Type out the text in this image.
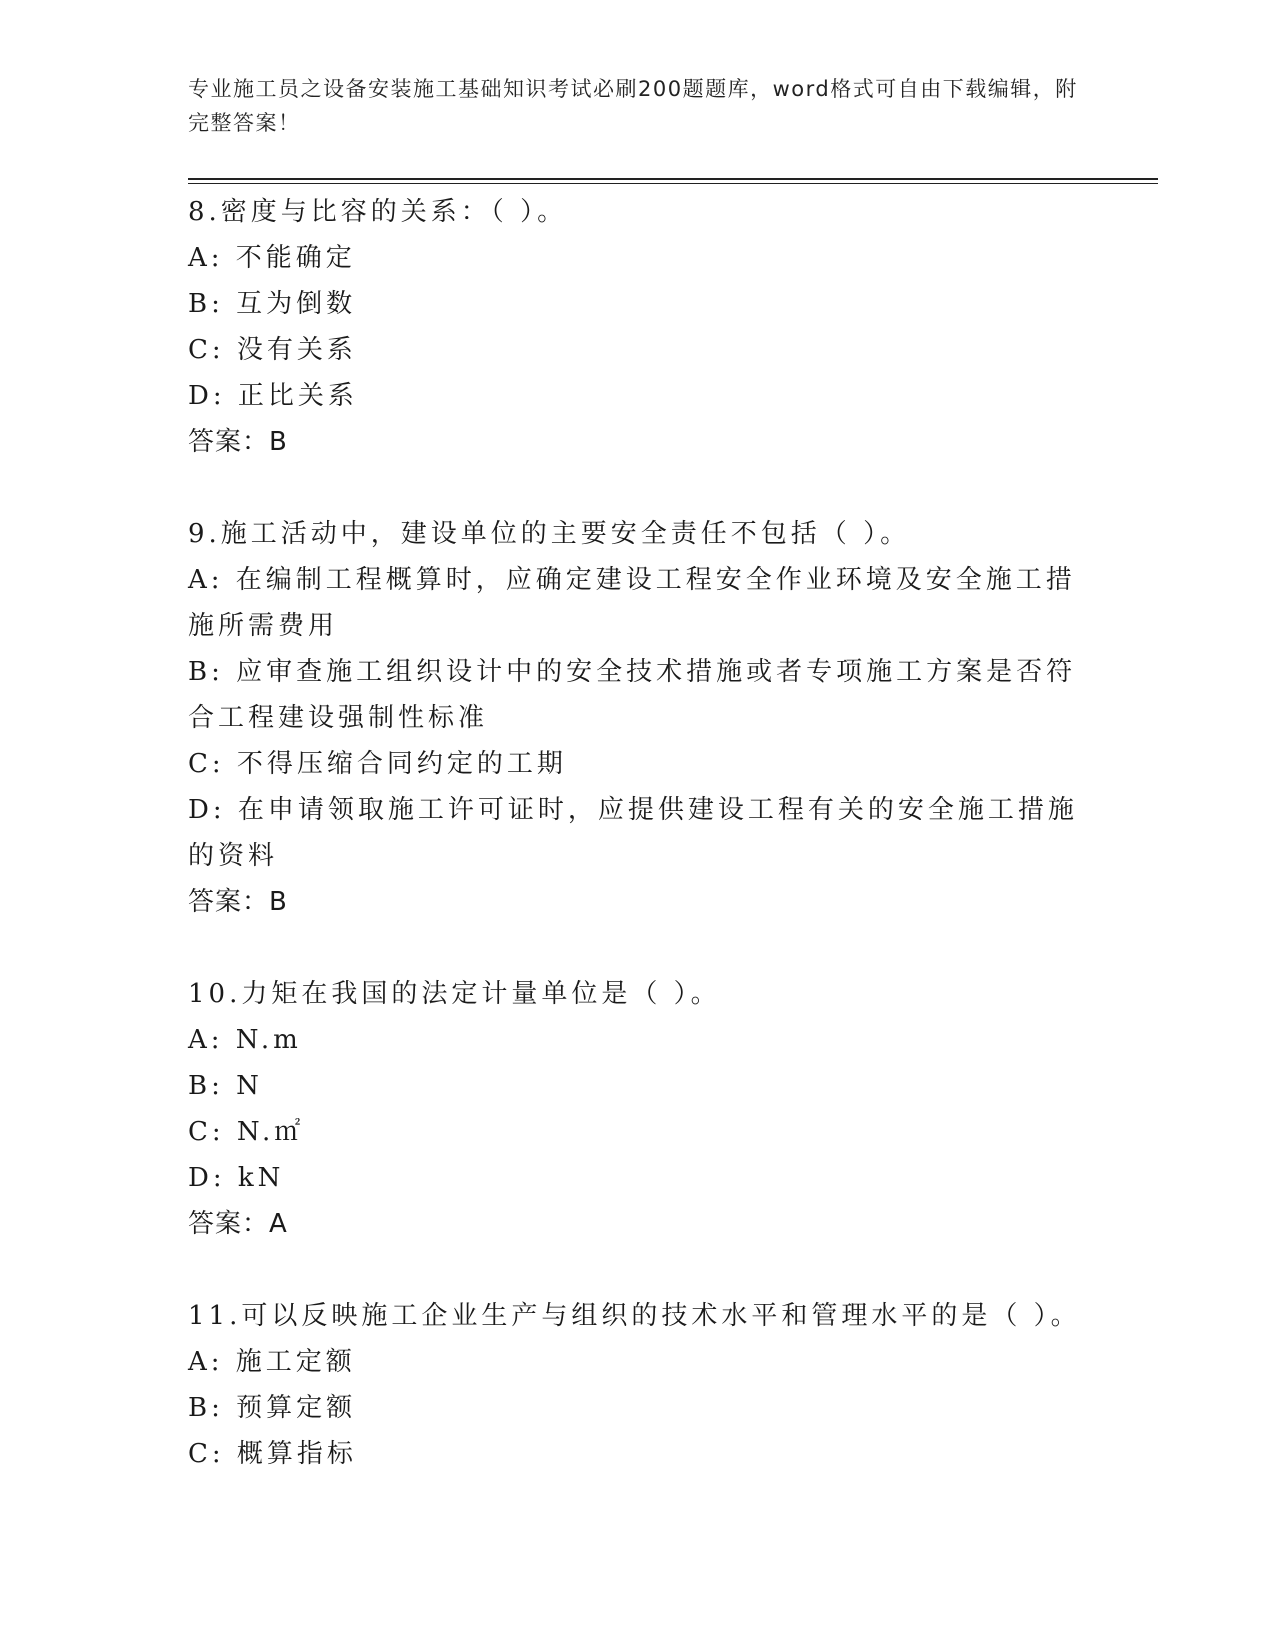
专业施工员之设备安装施工基础知识考试必刷200题题库，word格式可自由下载编辑，附完整答案！
8.密度与比容的关系：（ ）。
A: 不能确定
B: 互为倒数
C: 没有关系
D: 正比关系
答案：B
9.施工活动中，建设单位的主要安全责任不包括（ ）。
A: 在编制工程概算时，应确定建设工程安全作业环境及安全施工措施所需费用
B: 应审查施工组织设计中的安全技术措施或者专项施工方案是否符合工程建设强制性标准
C: 不得压缩合同约定的工期
D: 在申请领取施工许可证时，应提供建设工程有关的安全施工措施的资料
答案：B
10.力矩在我国的法定计量单位是（ ）。
A: N.m
B: N
C: N.㎡
D: kN
答案：A
11.可以反映施工企业生产与组织的技术水平和管理水平的是（ ）。
A: 施工定额
B: 预算定额
C: 概算指标
